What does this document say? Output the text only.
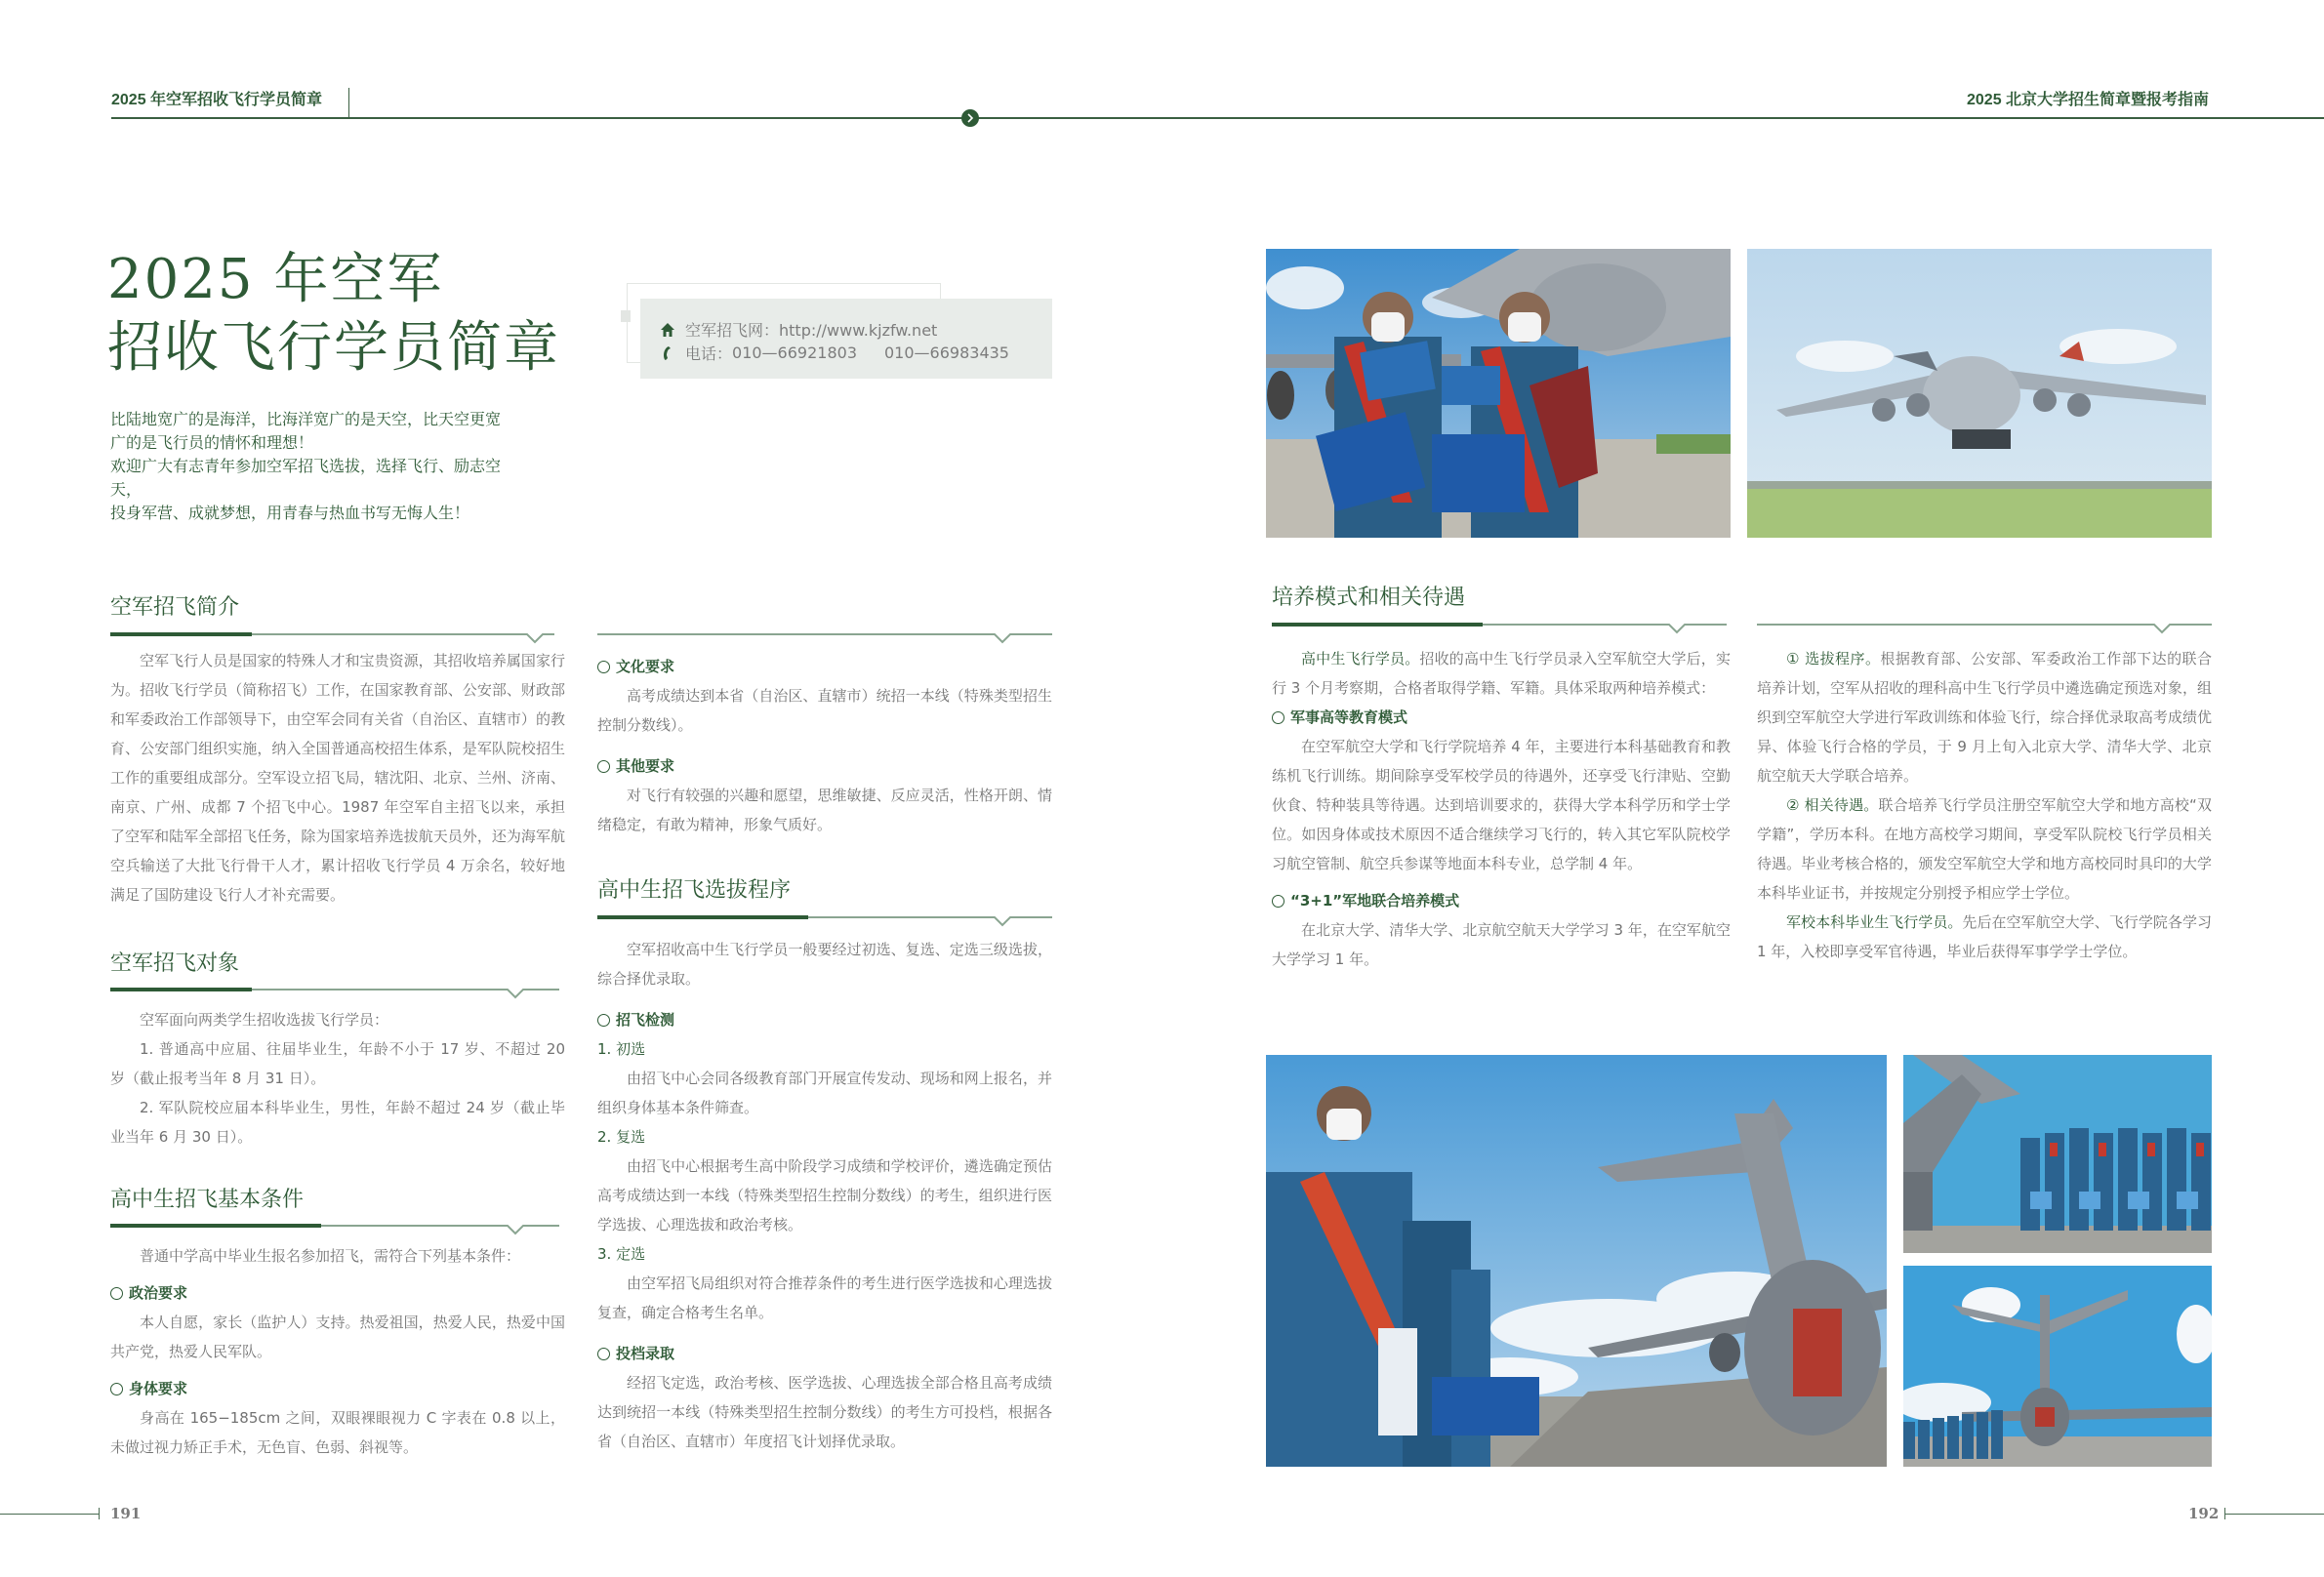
2025 年空军招收飞行学员简章	2025 北京大学招生简章暨报考指南
2025 年空军
招收飞行学员简章	空军招飞网：http://www.kjzfw.net
电话： 010—66921803 010—66983435
比陆地宽广的是海洋，比海洋宽广的是天空，比天空更宽
广的是飞行员的情怀和理想！
欢迎广大有志青年参加空军招飞选拔，选择飞行、励志空天，
投身军营、成就梦想，用青春与热血书写无悔人生！
空军招飞简介

空军飞行人员是国家的特殊人才和宝贵资源，其招收培养属国家行为。招收飞行学员（简称招飞）工作，在国家教育部、公安部、财政部和军委政治工作部领导下，由空军会同有关省（自治区、直辖市）的教育、公安部门组织实施，纳入全国普通高校招生体系，是军队院校招生工作的重要组成部分。空军设立招飞局，辖沈阳、北京、兰州、济南、南京、广州、成都 7 个招飞中心。1987 年空军自主招飞以来，承担了空军和陆军全部招飞任务，除为国家培养选拔航天员外，还为海军航空兵输送了大批飞行骨干人才，累计招收飞行学员 4 万余名，较好地满足了国防建设飞行人才补充需要。

空军招飞对象

空军面向两类学生招收选拔飞行学员：

1. 普通高中应届、往届毕业生，年龄不小于 17 岁、不超过 20 岁（截止报考当年 8 月 31 日）。

2. 军队院校应届本科毕业生，男性，年龄不超过 24 岁（截止毕业当年 6 月 30 日）。

高中生招飞基本条件

普通中学高中毕业生报名参加招飞，需符合下列基本条件：

政治要求

本人自愿，家长（监护人）支持。热爱祖国，热爱人民，热爱中国共产党，热爱人民军队。

身体要求

身高在 165−185cm 之间，双眼裸眼视力 C 字表在 0.8 以上，未做过视力矫正手术，无色盲、色弱、斜视等。

文化要求

高考成绩达到本省（自治区、直辖市）统招一本线（特殊类型招生控制分数线）。

其他要求

对飞行有较强的兴趣和愿望，思维敏捷、反应灵活，性格开朗、情绪稳定，有敢为精神，形象气质好。

高中生招飞选拔程序

空军招收高中生飞行学员一般要经过初选、复选、定选三级选拔，综合择优录取。

招飞检测

1. 初选

由招飞中心会同各级教育部门开展宣传发动、现场和网上报名，并组织身体基本条件筛查。

2. 复选

由招飞中心根据考生高中阶段学习成绩和学校评价，遴选确定预估高考成绩达到一本线（特殊类型招生控制分数线）的考生，组织进行医学选拔、心理选拔和政治考核。

3. 定选

由空军招飞局组织对符合推荐条件的考生进行医学选拔和心理选拔复查，确定合格考生名单。

投档录取

经招飞定选，政治考核、医学选拔、心理选拔全部合格且高考成绩达到统招一本线（特殊类型招生控制分数线）的考生方可投档，根据各省（自治区、直辖市）年度招飞计划择优录取。

培养模式和相关待遇

高中生飞行学员。招收的高中生飞行学员录入空军航空大学后，实行 3 个月考察期，合格者取得学籍、军籍。具体采取两种培养模式：

军事高等教育模式

在空军航空大学和飞行学院培养 4 年，主要进行本科基础教育和教练机飞行训练。期间除享受军校学员的待遇外，还享受飞行津贴、空勤伙食、特种装具等待遇。达到培训要求的，获得大学本科学历和学士学位。如因身体或技术原因不适合继续学习飞行的，转入其它军队院校学习航空管制、航空兵参谋等地面本科专业，总学制 4 年。

“3+1”军地联合培养模式

在北京大学、清华大学、北京航空航天大学学习 3 年，在空军航空大学学习 1 年。

① 选拔程序。根据教育部、公安部、军委政治工作部下达的联合培养计划，空军从招收的理科高中生飞行学员中遴选确定预选对象，组织到空军航空大学进行军政训练和体验飞行，综合择优录取高考成绩优异、体验飞行合格的学员，于 9 月上旬入北京大学、清华大学、北京航空航天大学联合培养。

② 相关待遇。联合培养飞行学员注册空军航空大学和地方高校“双学籍”，学历本科。在地方高校学习期间，享受军队院校飞行学员相关待遇。毕业考核合格的，颁发空军航空大学和地方高校同时具印的大学本科毕业证书，并按规定分别授予相应学士学位。

军校本科毕业生飞行学员。先后在空军航空大学、飞行学院各学习 1 年，入校即享受军官待遇，毕业后获得军事学学士学位。

191	192
